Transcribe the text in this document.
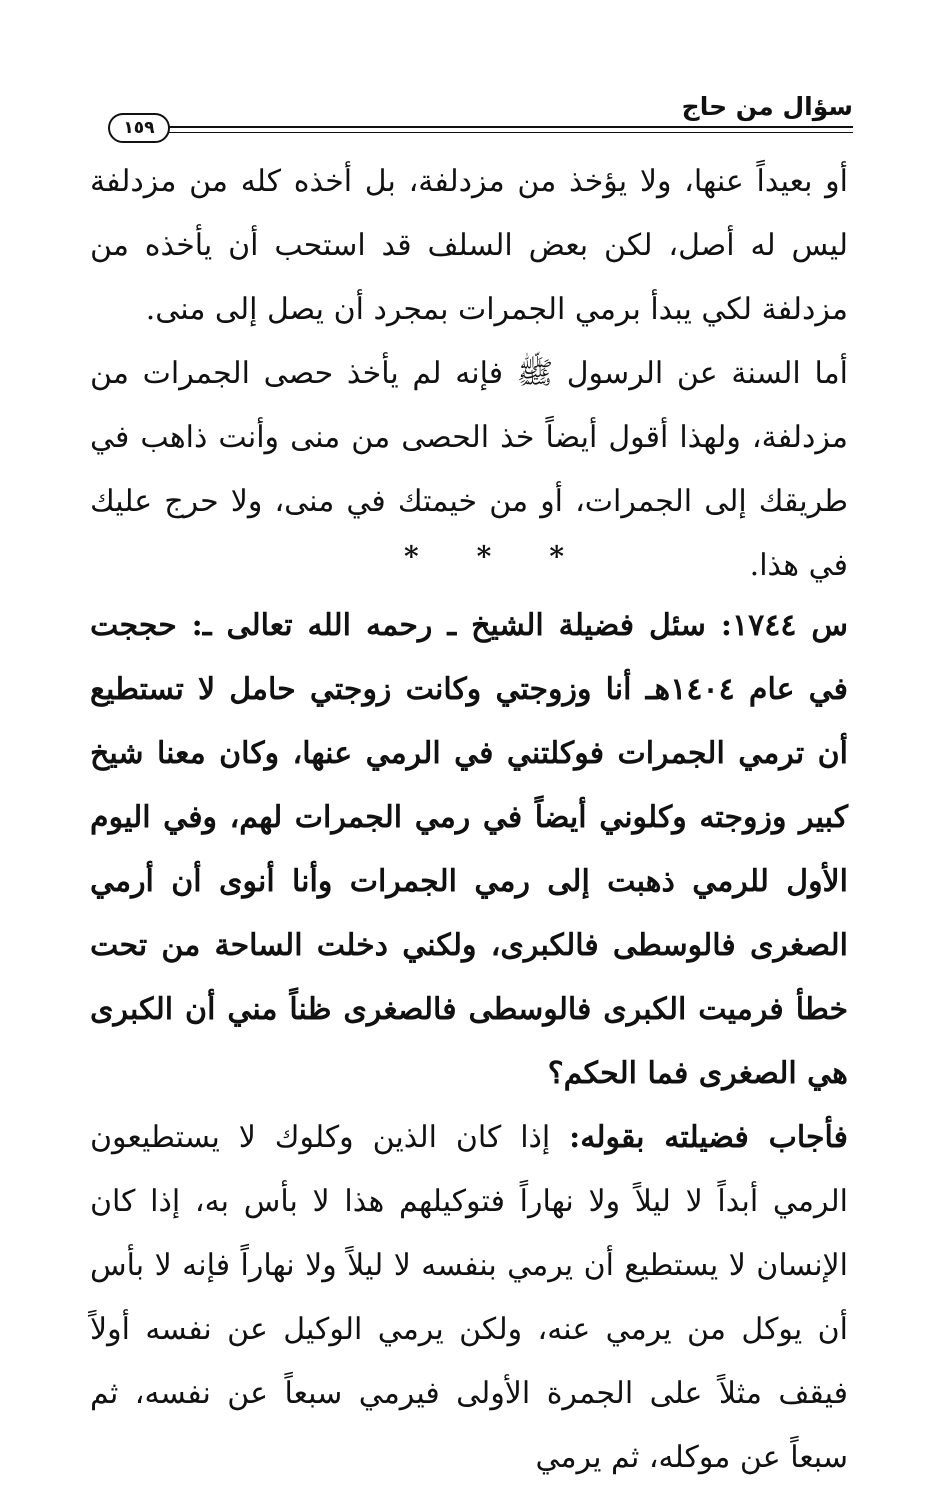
سؤال من حاج
١٥٩

أو بعيداً عنها، ولا يؤخذ من مزدلفة، بل أخذه كله من مزدلفة ليس له أصل، لكن بعض السلف قد استحب أن يأخذه من مزدلفة لكي يبدأ برمي الجمرات بمجرد أن يصل إلى منى.

أما السنة عن الرسول ﷺ فإنه لم يأخذ حصى الجمرات من مزدلفة، ولهذا أقول أيضاً خذ الحصى من منى وأنت ذاهب في طريقك إلى الجمرات، أو من خيمتك في منى، ولا حرج عليك في هذا.

* * *

س ١٧٤٤: سئل فضيلة الشيخ ـ رحمه الله تعالى ـ: حججت في عام ١٤٠٤هـ أنا وزوجتي وكانت زوجتي حامل لا تستطيع أن ترمي الجمرات فوكلتني في الرمي عنها، وكان معنا شيخ كبير وزوجته وكلوني أيضاً في رمي الجمرات لهم، وفي اليوم الأول للرمي ذهبت إلى رمي الجمرات وأنا أنوى أن أرمي الصغرى فالوسطى فالكبرى، ولكني دخلت الساحة من تحت خطأ فرميت الكبرى فالوسطى فالصغرى ظناً مني أن الكبرى هي الصغرى فما الحكم؟

فأجاب فضيلته بقوله: إذا كان الذين وكلوك لا يستطيعون الرمي أبداً لا ليلاً ولا نهاراً فتوكيلهم هذا لا بأس به، إذا كان الإنسان لا يستطيع أن يرمي بنفسه لا ليلاً ولا نهاراً فإنه لا بأس أن يوكل من يرمي عنه، ولكن يرمي الوكيل عن نفسه أولاً فيقف مثلاً على الجمرة الأولى فيرمي سبعاً عن نفسه، ثم سبعاً عن موكله، ثم يرمي
